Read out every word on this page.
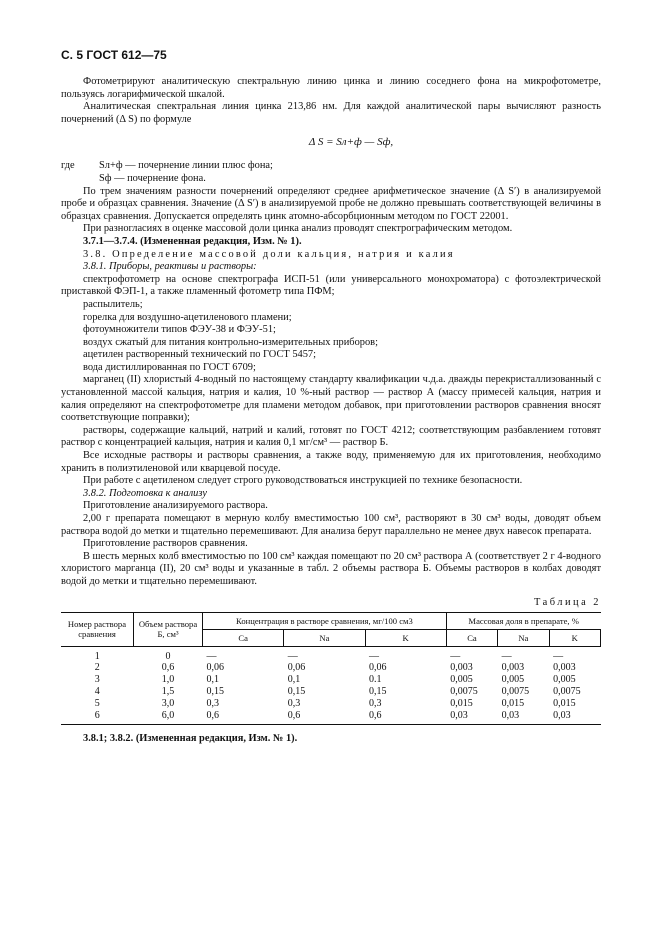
С. 5 ГОСТ 612—75

Фотометрируют аналитическую спектральную линию цинка и линию соседнего фона на микрофотометре, пользуясь логарифмической шкалой.

Аналитическая спектральная линия цинка 213,86 нм. Для каждой аналитической пары вычисляют разность почернений (Δ S) по формуле

Δ S = Sл+ф — Sф,
где	Sл+ф — почернение линии плюс фона;
Sф — почернение фона.

По трем значениям разности почернений определяют среднее арифметическое значение (Δ S′) в анализируемой пробе и образцах сравнения. Значение (Δ S′) в анализируемой пробе не должно превышать соответствующей величины в образцах сравнения. Допускается определять цинк атомно-абсорбционным методом по ГОСТ 22001.

При разногласиях в оценке массовой доли цинка анализ проводят спектрографическим методом.

3.7.1—3.7.4. (Измененная редакция, Изм. № 1).

3.8. Определение массовой доли кальция, натрия и калия

3.8.1. Приборы, реактивы и растворы:

спектрофотометр на основе спектрографа ИСП-51 (или универсального монохроматора) с фотоэлектрической приставкой ФЭП-1, а также пламенный фотометр типа ПФМ;

распылитель;

горелка для воздушно-ацетиленового пламени;

фотоумножители типов ФЭУ-38 и ФЭУ-51;

воздух сжатый для питания контрольно-измерительных приборов;

ацетилен растворенный технический по ГОСТ 5457;

вода дистиллированная по ГОСТ 6709;

марганец (II) хлористый 4-водный по настоящему стандарту квалификации ч.д.а. дважды перекристаллизованный с установленной массой кальция, натрия и калия, 10 %-ный раствор — раствор А (массу примесей кальция, натрия и калия определяют на спектрофотометре для пламени методом добавок, при приготовлении растворов сравнения вносят соответствующие поправки);

растворы, содержащие кальций, натрий и калий, готовят по ГОСТ 4212; соответствующим разбавлением готовят раствор с концентрацией кальция, натрия и калия 0,1 мг/см³ — раствор Б.

Все исходные растворы и растворы сравнения, а также воду, применяемую для их приготовления, необходимо хранить в полиэтиленовой или кварцевой посуде.

При работе с ацетиленом следует строго руководствоваться инструкцией по технике безопасности.

3.8.2. Подготовка к анализу

Приготовление анализируемого раствора.

2,00 г препарата помещают в мерную колбу вместимостью 100 см³, растворяют в 30 см³ воды, доводят объем раствора водой до метки и тщательно перемешивают. Для анализа берут параллельно не менее двух навесок препарата.

Приготовление растворов сравнения.

В шесть мерных колб вместимостью по 100 см³ каждая помещают по 20 см³ раствора А (соответствует 2 г 4-водного хлористого марганца (II), 20 см³ воды и указанные в табл. 2 объемы раствора Б. Объемы растворов в колбах доводят водой до метки и тщательно перемешивают.

Таблица 2
Номер раствора сравнения	Объем раствора Б, см³	Концентрация в растворе сравнения, мг/100 см3			Массовая доля в препарате, %		
		Ca	Na	K	Ca	Na	K

1	0	—	—	—	—	—	—
2	0,6	0,06	0,06	0,06	0,003	0,003	0,003
3	1,0	0,1	0,1	0.1	0,005	0,005	0,005
4	1,5	0,15	0,15	0,15	0,0075	0,0075	0,0075
5	3,0	0,3	0,3	0,3	0,015	0,015	0,015
6	6,0	0,6	0,6	0,6	0,03	0,03	0,03

3.8.1; 3.8.2. (Измененная редакция, Изм. № 1).
